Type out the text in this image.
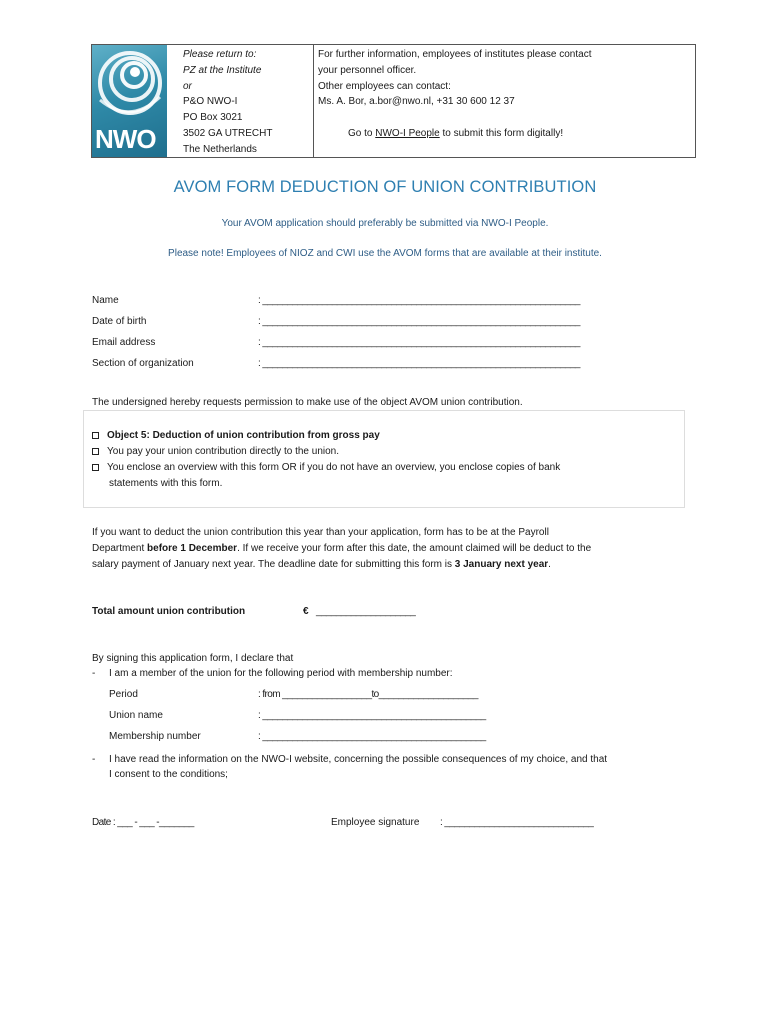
NWO
Please return to:
PZ at the Institute
or
P&O NWO-I
PO Box 3021
3502 GA UTRECHT
The Netherlands
For further information, employees of institutes please contact
your personnel officer.
Other employees can contact:
Ms. A. Bor, a.bor@nwo.nl, +31 30 600 12 37
Go to NWO-I People to submit this form digitally!
AVOM FORM DEDUCTION OF UNION CONTRIBUTION
Your AVOM application should preferably be submitted via NWO-I People.
Please note! Employees of NIOZ and CWI use the AVOM forms that are available at their institute.
Name	: ________________________________________________________________
Date of birth	: ________________________________________________________________
Email address	: ________________________________________________________________
Section of organization	: ________________________________________________________________
The undersigned hereby requests permission to make use of the object AVOM union contribution.
Object 5: Deduction of union contribution from gross pay
You pay your union contribution directly to the union.
You enclose an overview with this form OR if you do not have an overview, you enclose copies of bank
statements with this form.
If you want to deduct the union contribution this year than your application, form has to be at the Payroll
Department before 1 December. If we receive your form after this date, the amount claimed will be deduct to the
salary payment of January next year. The deadline date for submitting this form is 3 January next year.
Total amount union contribution	€ ____________________
By signing this application form, I declare that
- I am a member of the union for the following period with membership number:
Period	: from __________________to____________________
Union name	: _____________________________________________
Membership number	: _____________________________________________
- I have read the information on the NWO-I website, concerning the possible consequences of my choice, and that
I consent to the conditions;
Date : ___ - ___ -_______	Employee signature : ______________________________
